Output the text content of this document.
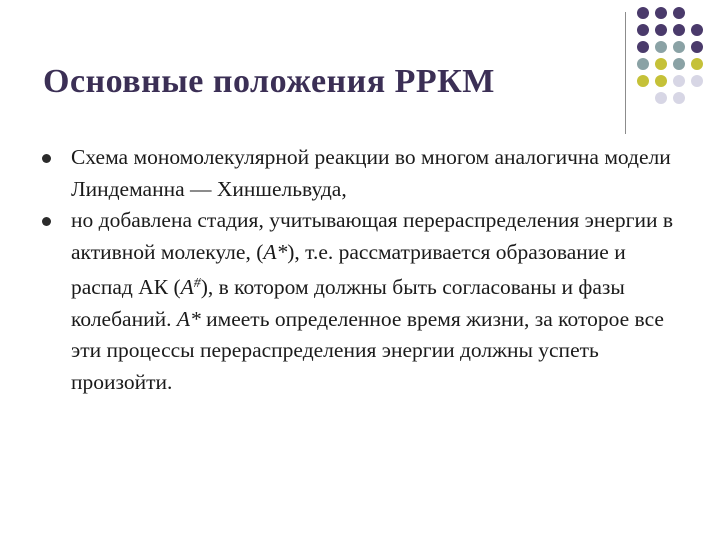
Основные положения РРКМ
Схема мономолекулярной реакции во многом аналогична модели Линдеманна — Хиншельвуда,
но добавлена стадия, учитывающая перераспределения энергии в активной молекуле, (A*), т.е. рассматривается образование и распад АК (A#), в котором должны быть согласованы и фазы колебаний. A* имееть определенное время жизни, за которое все эти процессы перераспределения энергии должны успеть произойти.
